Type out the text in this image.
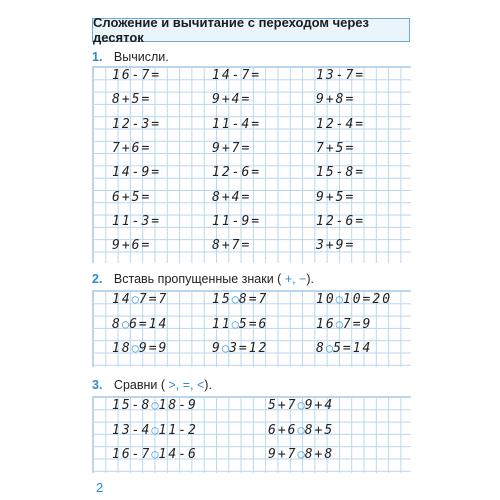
Сложение и вычитание с переходом через десяток
1. Вычисли.
16-7=
8+5=
12-3=
7+6=
14-9=
6+5=
11-3=
9+6=
14-7=
9+4=
11-4=
9+7=
12-6=
8+4=
11-9=
8+7=
13-7=
9+8=
12-4=
7+5=
15-8=
9+5=
12-6=
3+9=
2. Вставь пропущенные знаки ( +, −).
14○7=7
8○6=14
18○9=9
15○8=7
11○5=6
9○3=12
10○10=20
16○7=9
8○5=14
3. Сравни ( >, =, <).
15-8○18-9
13-4○11-2
16-7○14-6
5+7○9+4
6+6○8+5
9+7○8+8
2
